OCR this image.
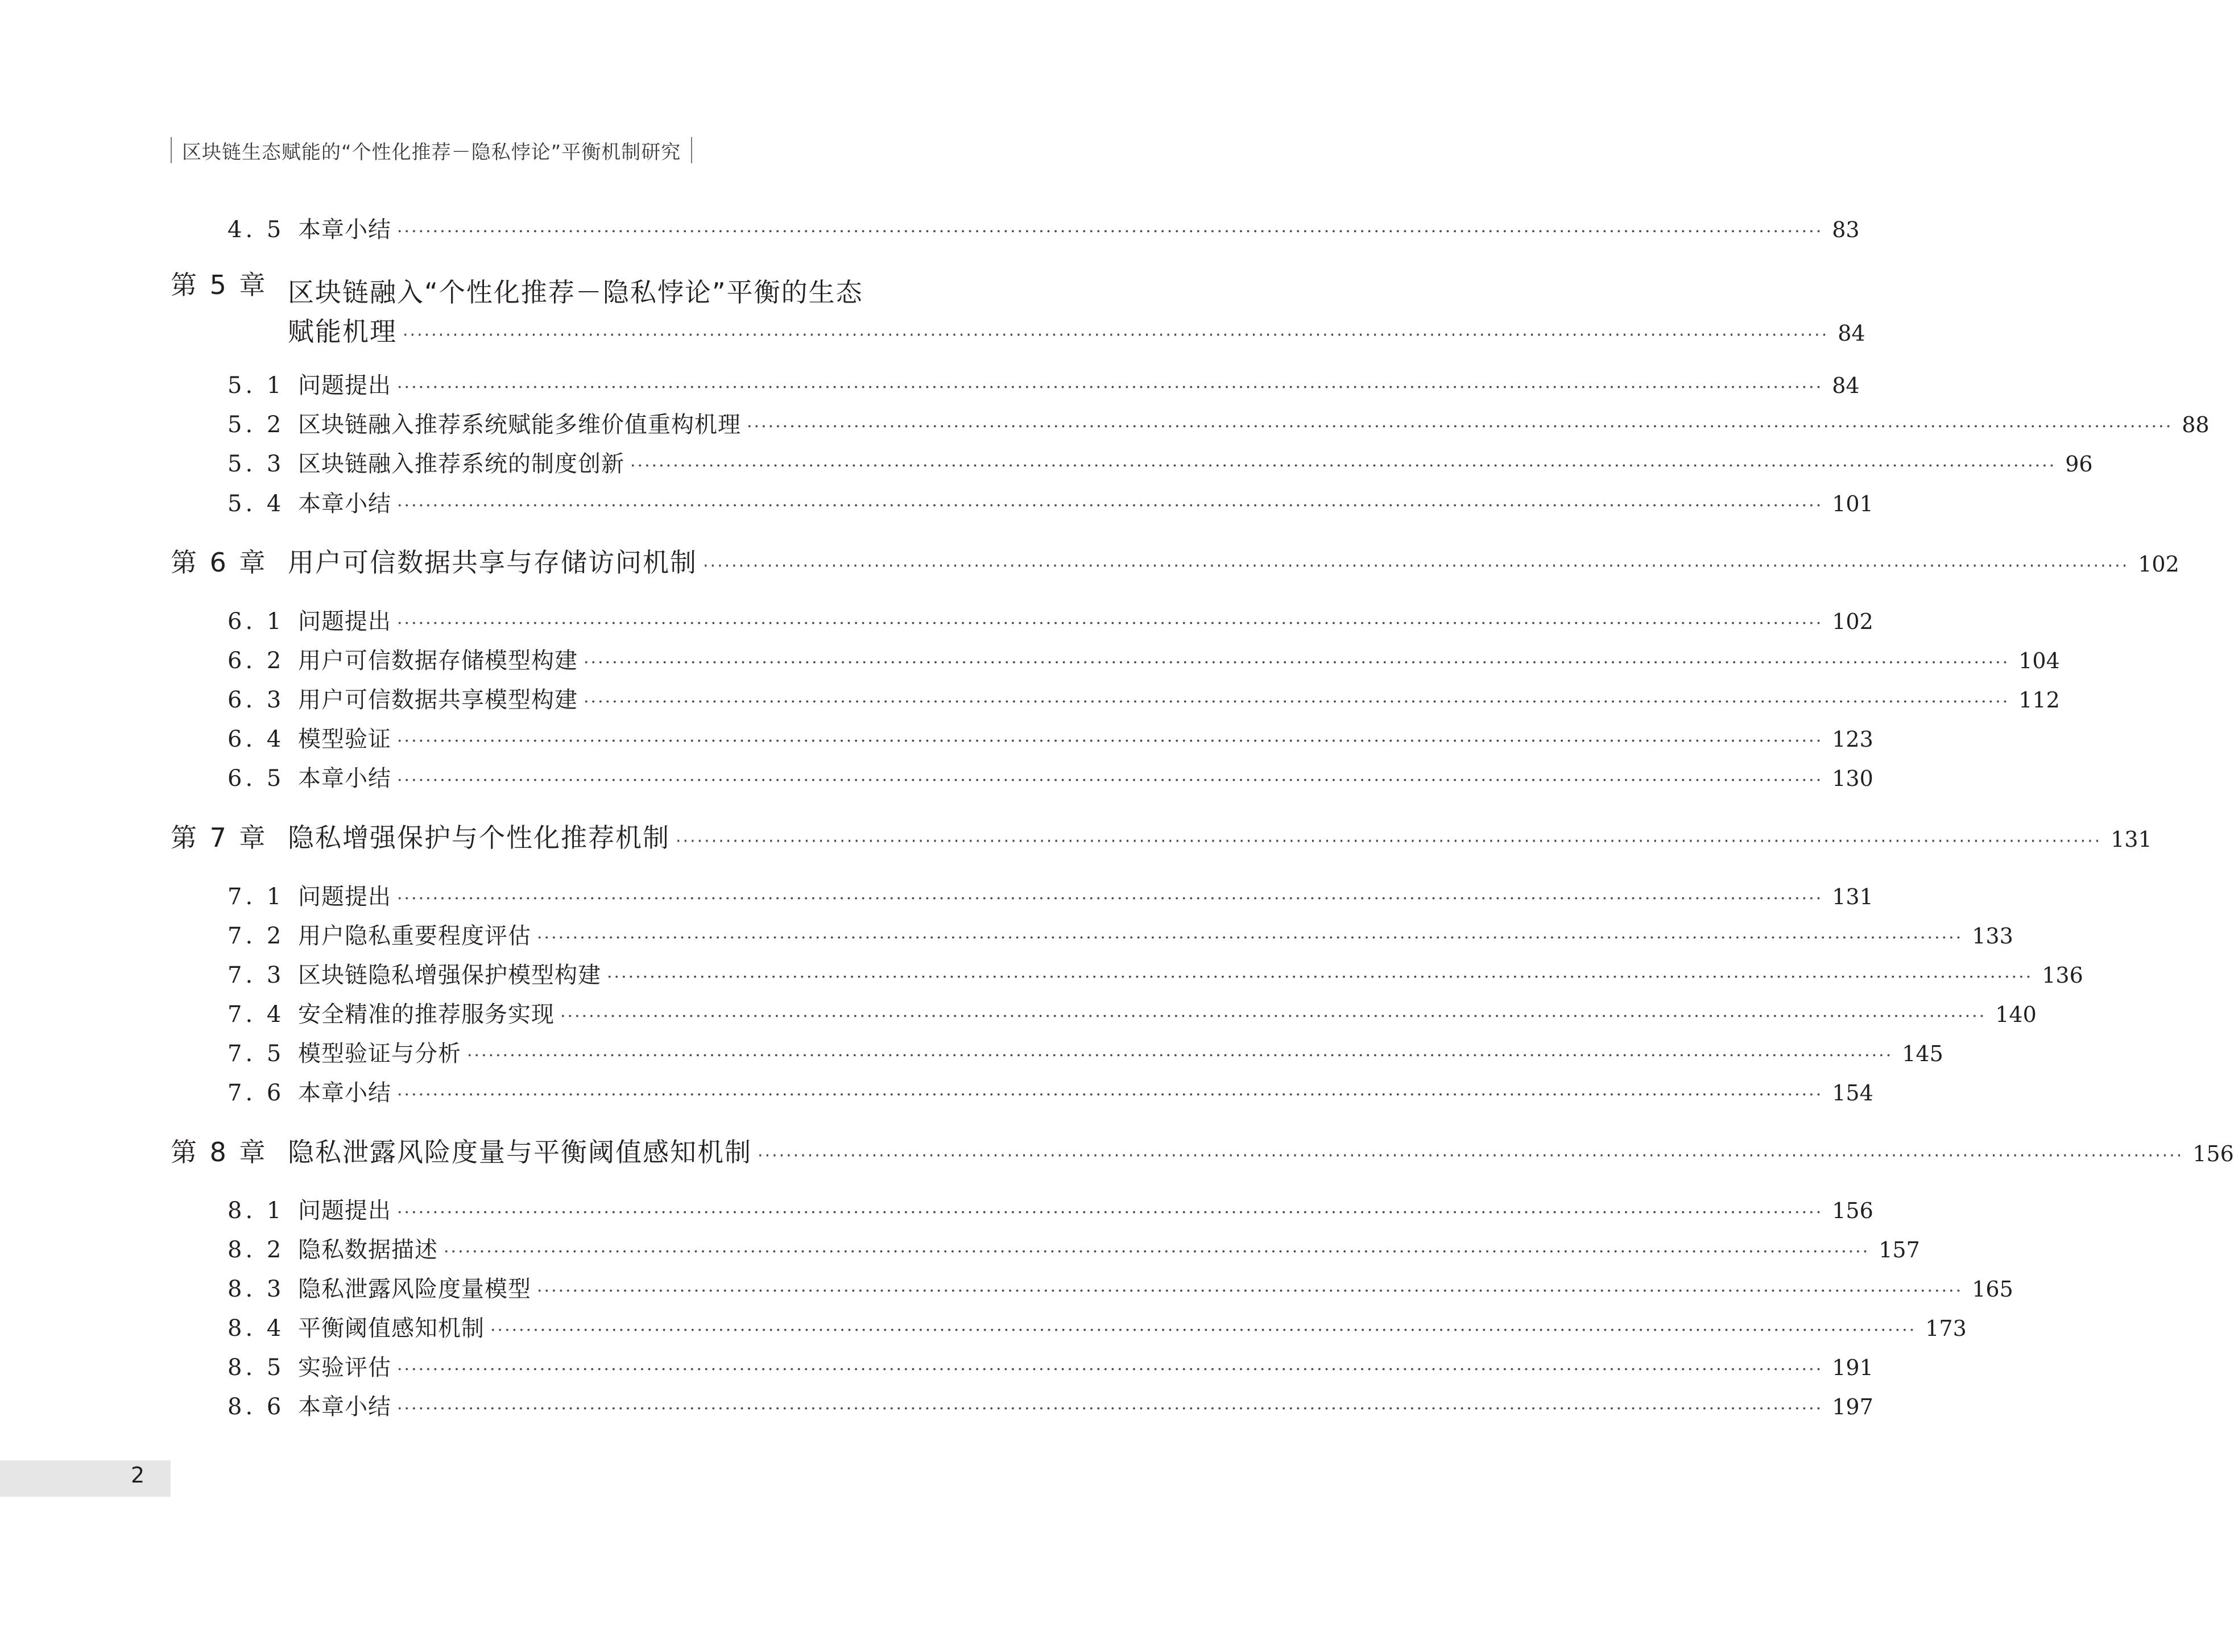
区块链生态赋能的“个性化推荐－隐私悖论”平衡机制研究
4. 5 本章小结 ········································································································································································································ 83
第 5 章 区块链融入“个性化推荐－隐私悖论”平衡的生态
赋能机理 ········································································································································································································ 84
5. 1 问题提出 ········································································································································································································ 84
5. 2 区块链融入推荐系统赋能多维价值重构机理 ········································································································································································································ 88
5. 3 区块链融入推荐系统的制度创新 ········································································································································································································ 96
5. 4 本章小结 ········································································································································································································ 101
第 6 章 用户可信数据共享与存储访问机制 ········································································································································································································ 102
6. 1 问题提出 ········································································································································································································ 102
6. 2 用户可信数据存储模型构建 ········································································································································································································ 104
6. 3 用户可信数据共享模型构建 ········································································································································································································ 112
6. 4 模型验证 ········································································································································································································ 123
6. 5 本章小结 ········································································································································································································ 130
第 7 章 隐私增强保护与个性化推荐机制 ········································································································································································································ 131
7. 1 问题提出 ········································································································································································································ 131
7. 2 用户隐私重要程度评估 ········································································································································································································ 133
7. 3 区块链隐私增强保护模型构建 ········································································································································································································ 136
7. 4 安全精准的推荐服务实现 ········································································································································································································ 140
7. 5 模型验证与分析 ········································································································································································································ 145
7. 6 本章小结 ········································································································································································································ 154
第 8 章 隐私泄露风险度量与平衡阈值感知机制 ········································································································································································································ 156
8. 1 问题提出 ········································································································································································································ 156
8. 2 隐私数据描述 ········································································································································································································ 157
8. 3 隐私泄露风险度量模型 ········································································································································································································ 165
8. 4 平衡阈值感知机制 ········································································································································································································ 173
8. 5 实验评估 ········································································································································································································ 191
8. 6 本章小结 ········································································································································································································ 197
2
